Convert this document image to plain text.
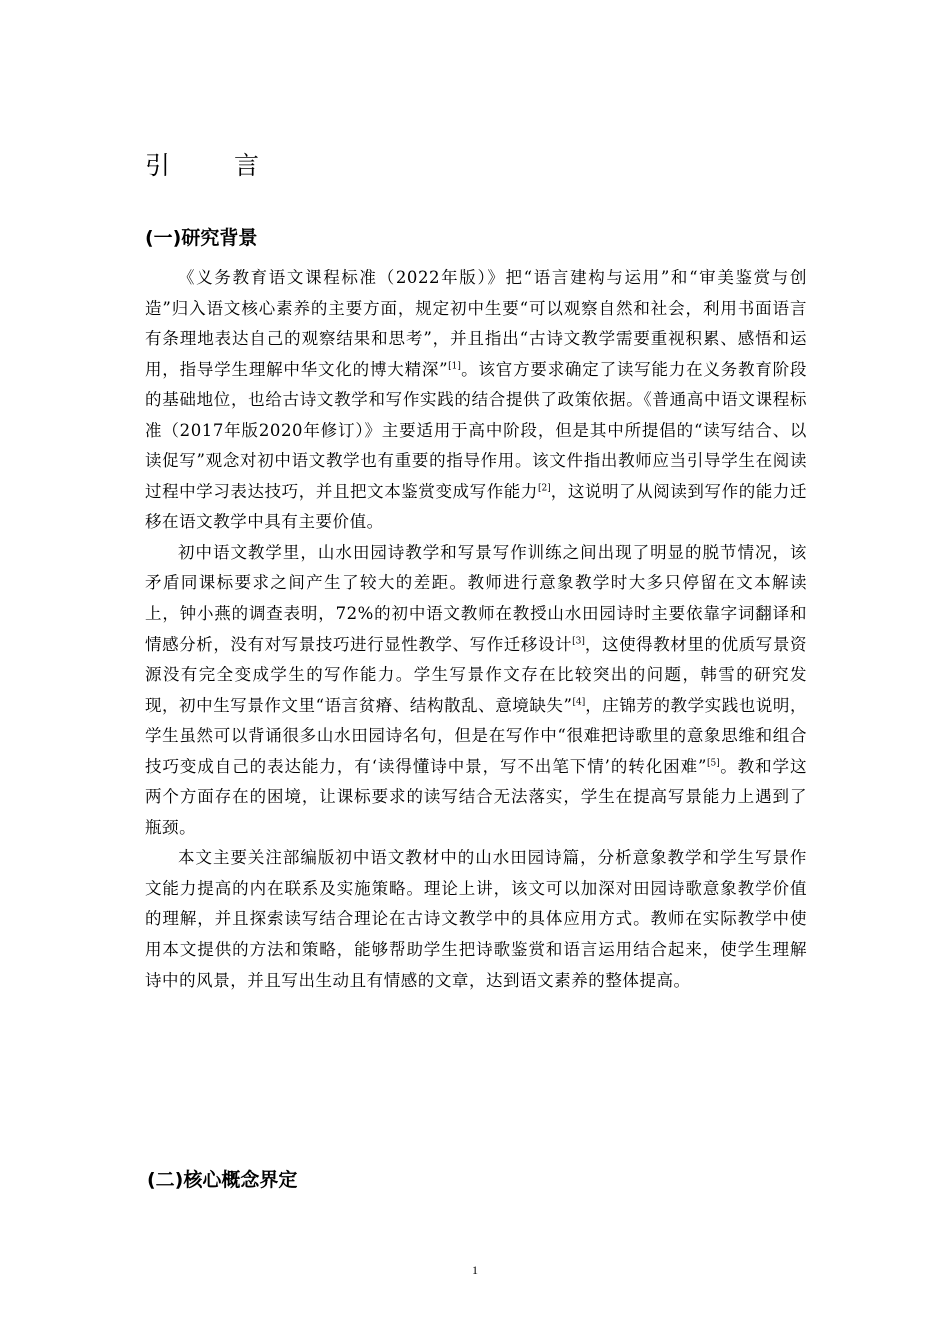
引 言
(一)研究背景

《义务教育语文课程标准（2022年版）》把“语言建构与运用”和“审美鉴赏与创造”归入语文核心素养的主要方面，规定初中生要“可以观察自然和社会，利用书面语言有条理地表达自己的观察结果和思考”，并且指出“古诗文教学需要重视积累、感悟和运用，指导学生理解中华文化的博大精深”[1]。该官方要求确定了读写能力在义务教育阶段的基础地位，也给古诗文教学和写作实践的结合提供了政策依据。《普通高中语文课程标准（2017年版2020年修订）》主要适用于高中阶段，但是其中所提倡的“读写结合、以读促写”观念对初中语文教学也有重要的指导作用。该文件指出教师应当引导学生在阅读过程中学习表达技巧，并且把文本鉴赏变成写作能力[2]，这说明了从阅读到写作的能力迁移在语文教学中具有主要价值。

初中语文教学里，山水田园诗教学和写景写作训练之间出现了明显的脱节情况，该矛盾同课标要求之间产生了较大的差距。教师进行意象教学时大多只停留在文本解读上，钟小燕的调查表明，72%的初中语文教师在教授山水田园诗时主要依靠字词翻译和情感分析，没有对写景技巧进行显性教学、写作迁移设计[3]，这使得教材里的优质写景资源没有完全变成学生的写作能力。学生写景作文存在比较突出的问题，韩雪的研究发现，初中生写景作文里“语言贫瘠、结构散乱、意境缺失”[4]，庄锦芳的教学实践也说明，学生虽然可以背诵很多山水田园诗名句，但是在写作中“很难把诗歌里的意象思维和组合技巧变成自己的表达能力，有‘读得懂诗中景，写不出笔下情’的转化困难”[5]。教和学这两个方面存在的困境，让课标要求的读写结合无法落实，学生在提高写景能力上遇到了瓶颈。

本文主要关注部编版初中语文教材中的山水田园诗篇，分析意象教学和学生写景作文能力提高的内在联系及实施策略。理论上讲，该文可以加深对田园诗歌意象教学价值的理解，并且探索读写结合理论在古诗文教学中的具体应用方式。教师在实际教学中使用本文提供的方法和策略，能够帮助学生把诗歌鉴赏和语言运用结合起来，使学生理解诗中的风景，并且写出生动且有情感的文章，达到语文素养的整体提高。

(二)核心概念界定
1
